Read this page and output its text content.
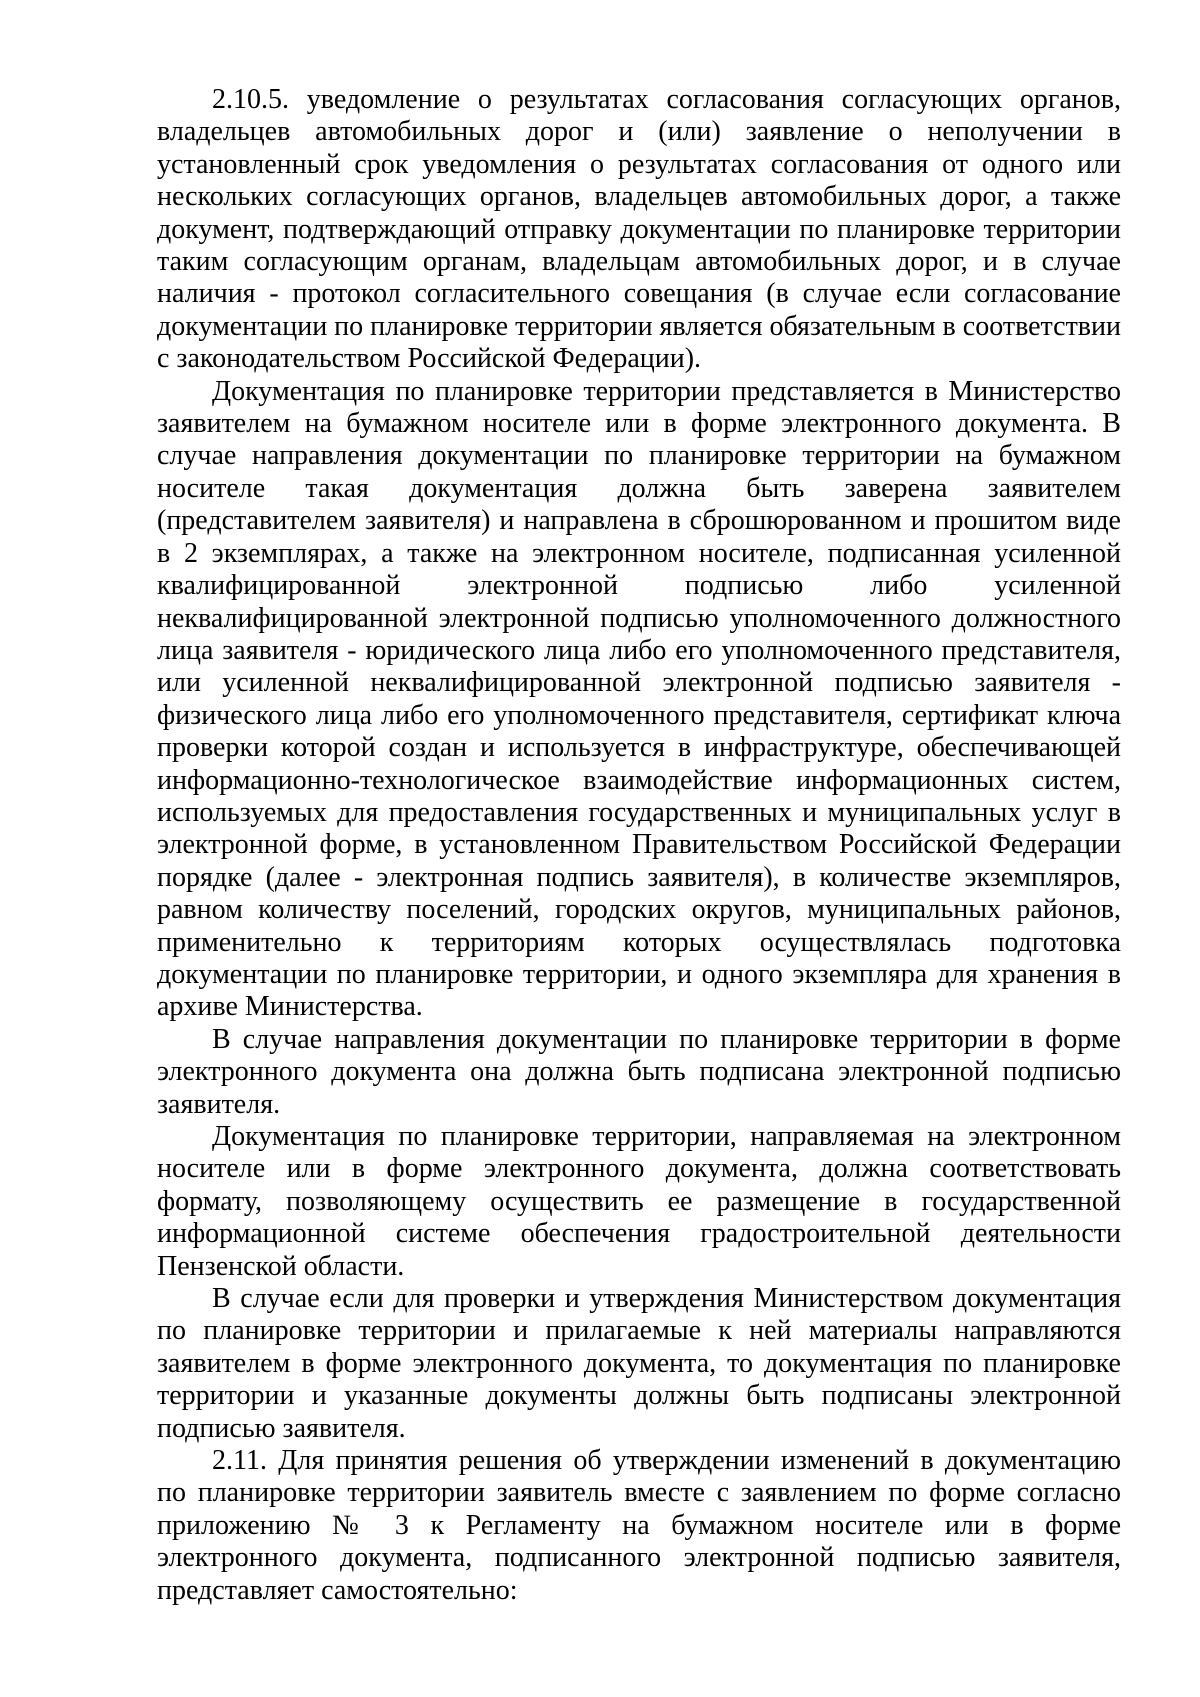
2.10.5. уведомление о результатах согласования согласующих органов, владельцев автомобильных дорог и (или) заявление о неполучении в установленный срок уведомления о результатах согласования от одного или нескольких согласующих органов, владельцев автомобильных дорог, а также документ, подтверждающий отправку документации по планировке территории таким согласующим органам, владельцам автомобильных дорог, и в случае наличия - протокол согласительного совещания (в случае если согласование документации по планировке территории является обязательным в соответствии с законодательством Российской Федерации).

Документация по планировке территории представляется в Министерство заявителем на бумажном носителе или в форме электронного документа. В случае направления документации по планировке территории на бумажном носителе такая документация должна быть заверена заявителем (представителем заявителя) и направлена в сброшюрованном и прошитом виде в 2 экземплярах, а также на электронном носителе, подписанная усиленной квалифицированной электронной подписью либо усиленной неквалифицированной электронной подписью уполномоченного должностного лица заявителя - юридического лица либо его уполномоченного представителя, или усиленной неквалифицированной электронной подписью заявителя - физического лица либо его уполномоченного представителя, сертификат ключа проверки которой создан и используется в инфраструктуре, обеспечивающей информационно-технологическое взаимодействие информационных систем, используемых для предоставления государственных и муниципальных услуг в электронной форме, в установленном Правительством Российской Федерации порядке (далее - электронная подпись заявителя), в количестве экземпляров, равном количеству поселений, городских округов, муниципальных районов, применительно к территориям которых осуществлялась подготовка документации по планировке территории, и одного экземпляра для хранения в архиве Министерства.

В случае направления документации по планировке территории в форме электронного документа она должна быть подписана электронной подписью заявителя.

Документация по планировке территории, направляемая на электронном носителе или в форме электронного документа, должна соответствовать формату, позволяющему осуществить ее размещение в государственной информационной системе обеспечения градостроительной деятельности Пензенской области.

В случае если для проверки и утверждения Министерством документация по планировке территории и прилагаемые к ней материалы направляются заявителем в форме электронного документа, то документация по планировке территории и указанные документы должны быть подписаны электронной подписью заявителя.

2.11. Для принятия решения об утверждении изменений в документацию по планировке территории заявитель вместе с заявлением по форме согласно приложению № 3 к Регламенту на бумажном носителе или в форме электронного документа, подписанного электронной подписью заявителя, представляет самостоятельно:
